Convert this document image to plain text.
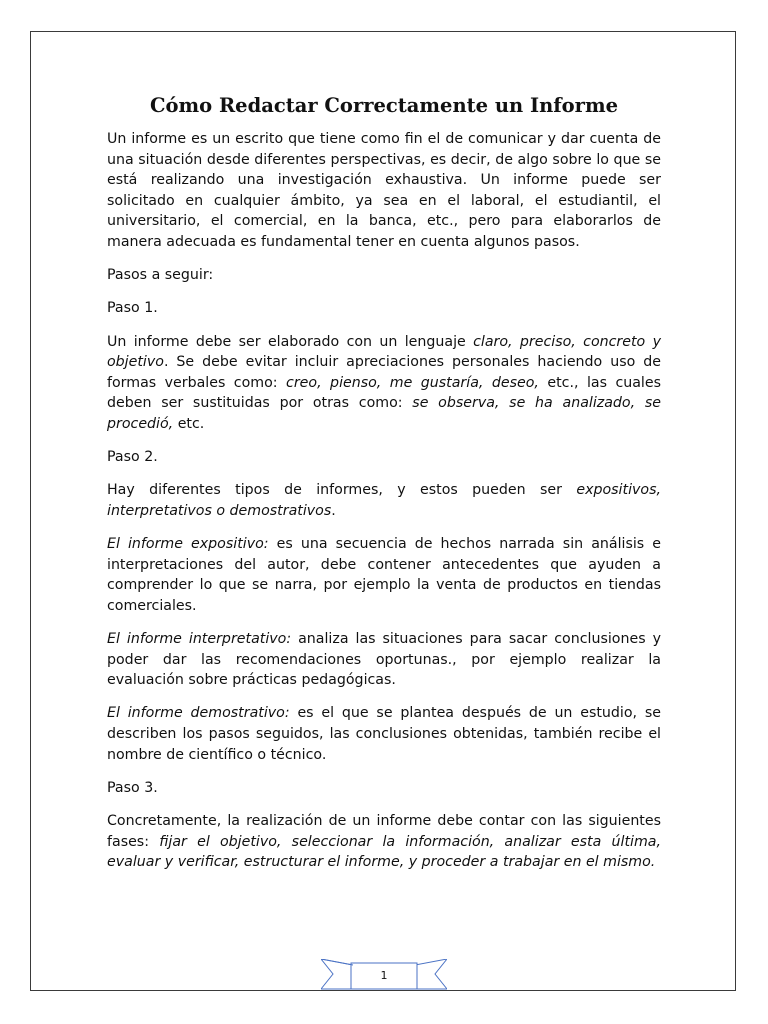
Cómo Redactar Correctamente un Informe

Un informe es un escrito que tiene como fin el de comunicar y dar cuenta de una situación desde diferentes perspectivas, es decir, de algo sobre lo que se está realizando una investigación exhaustiva. Un informe puede ser solicitado en cualquier ámbito, ya sea en el laboral, el estudiantil, el universitario, el comercial, en la banca, etc., pero para elaborarlos de manera adecuada es fundamental tener en cuenta algunos pasos.

Pasos a seguir:

Paso 1.

Un informe debe ser elaborado con un lenguaje claro, preciso, concreto y objetivo. Se debe evitar incluir apreciaciones personales haciendo uso de formas verbales como: creo, pienso, me gustaría, deseo, etc., las cuales deben ser sustituidas por otras como: se observa, se ha analizado, se procedió, etc.

Paso 2.

Hay diferentes tipos de informes, y estos pueden ser expositivos, interpretativos o demostrativos.

El informe expositivo: es una secuencia de hechos narrada sin análisis e interpretaciones del autor, debe contener antecedentes que ayuden a comprender lo que se narra, por ejemplo la venta de productos en tiendas comerciales.

El informe interpretativo: analiza las situaciones para sacar conclusiones y poder dar las recomendaciones oportunas., por ejemplo realizar la evaluación sobre prácticas pedagógicas.

El informe demostrativo: es el que se plantea después de un estudio, se describen los pasos seguidos, las conclusiones obtenidas, también recibe el nombre de científico o técnico.

Paso 3.

Concretamente, la realización de un informe debe contar con las siguientes fases: fijar el objetivo, seleccionar la información, analizar esta última, evaluar y verificar, estructurar el informe, y proceder a trabajar en el mismo.

1
